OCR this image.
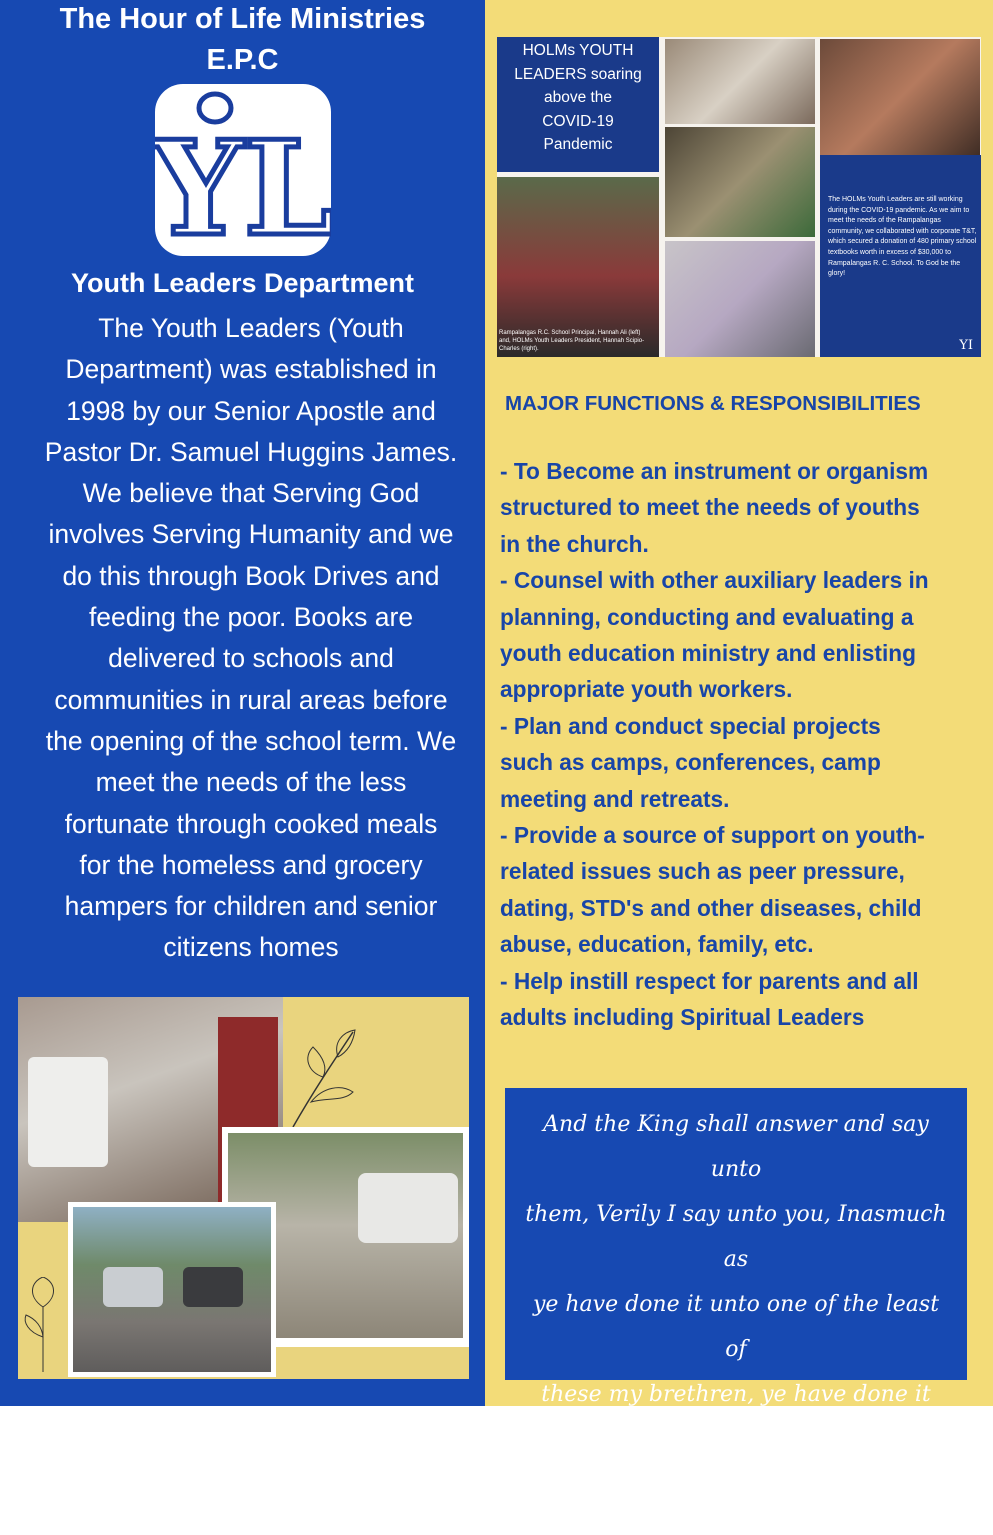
The Hour of Life Ministries
E.P.C
YL
Youth Leaders Department
The Youth Leaders (Youth
Department) was established in
1998 by our Senior Apostle and
Pastor Dr. Samuel Huggins James.
We believe that Serving God
involves Serving Humanity and we
do this through Book Drives and
feeding the poor. Books are
delivered to schools and
communities in rural areas before
the opening of the school term. We
meet the needs of the less
fortunate through cooked meals
for the homeless and grocery
hampers for children and senior
citizens homes
HOLMs YOUTH
LEADERS soaring
above the
COVID-19
Pandemic
Rampalangas R.C. School Principal, Hannah Ali (left) and, HOLMs Youth Leaders President, Hannah Scipio-Charles (right).
The HOLMs Youth Leaders are still working during the COVID-19 pandemic. As we aim to meet the needs of the Rampalangas community, we collaborated with corporate T&T, which secured a donation of 480 primary school textbooks worth in excess of $30,000 to Rampalangas R. C. School. To God be the glory!
YI
MAJOR FUNCTIONS & RESPONSIBILITIES
- To Become an instrument or organism
structured to meet the needs of youths
in the church.
- Counsel with other auxiliary leaders in
planning, conducting and evaluating a
youth education ministry and enlisting
appropriate youth workers.
- Plan and conduct special projects
such as camps, conferences, camp
meeting and retreats.
- Provide a source of support on youth-
related issues such as peer pressure,
dating, STD's and other diseases, child
abuse, education, family, etc.
- Help instill respect for parents and all
adults including Spiritual Leaders
And the King shall answer and say unto
them, Verily I say unto you, Inasmuch as
ye have done it unto one of the least of
these my brethren, ye have done it unto
me.
Kjv Matthew 25:40
